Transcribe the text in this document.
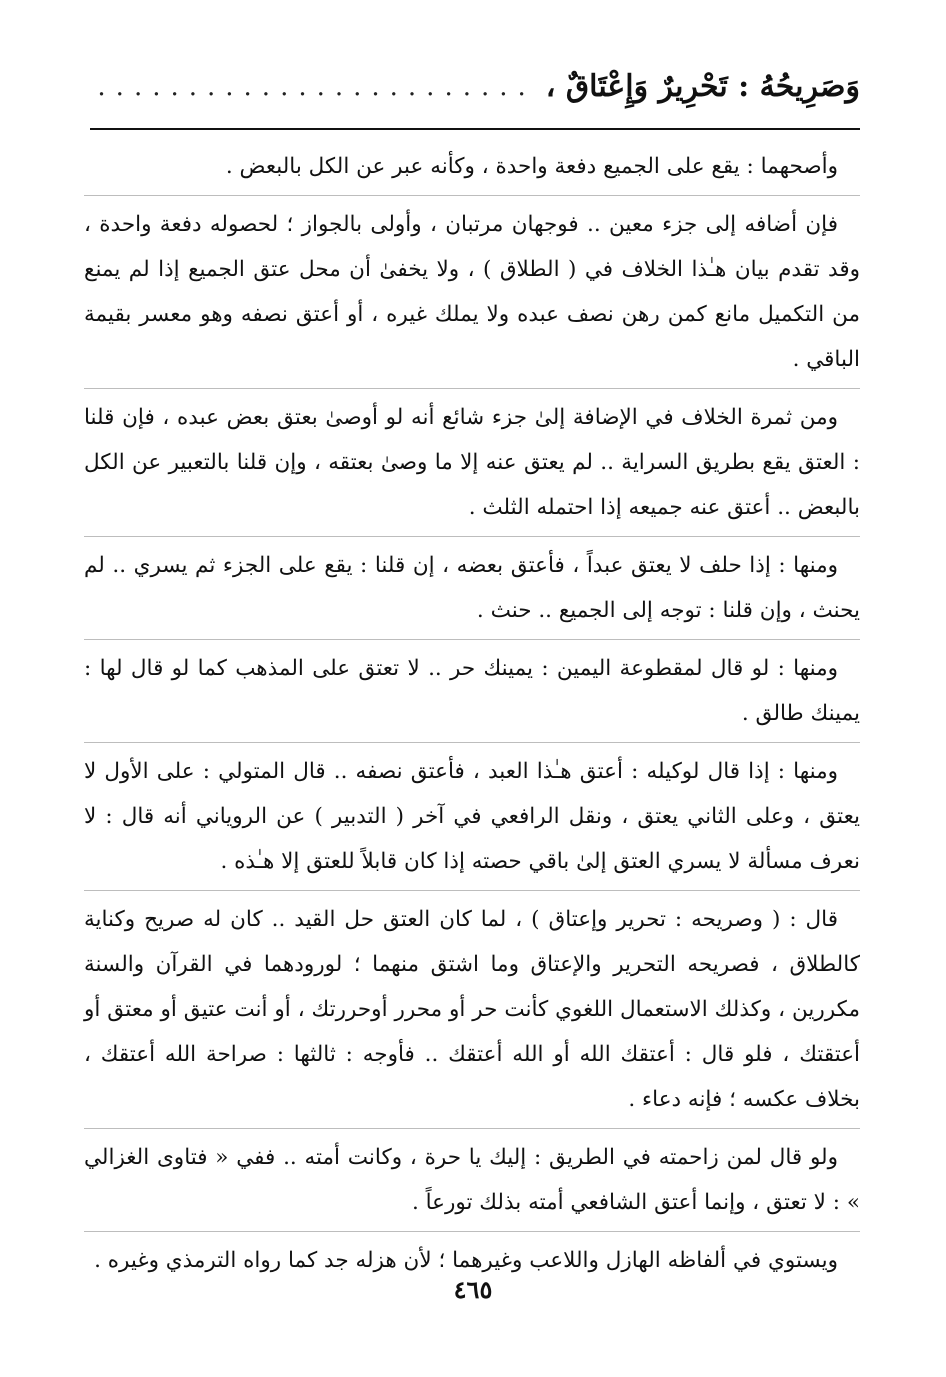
وَصَرِيحُهُ : تَحْرِيرٌ وَإِعْتَاقٌ ،
........................

وأصحهما : يقع على الجميع دفعة واحدة ، وكأنه عبر عن الكل بالبعض .

فإن أضافه إلى جزء معين .. فوجهان مرتبان ، وأولى بالجواز ؛ لحصوله دفعة واحدة ، وقد تقدم بيان هـٰذا الخلاف في ( الطلاق ) ، ولا يخفىٰ أن محل عتق الجميع إذا لم يمنع من التكميل مانع كمن رهن نصف عبده ولا يملك غيره ، أو أعتق نصفه وهو معسر بقيمة الباقي .

ومن ثمرة الخلاف في الإضافة إلىٰ جزء شائع أنه لو أوصىٰ بعتق بعض عبده ، فإن قلنا : العتق يقع بطريق السراية .. لم يعتق عنه إلا ما وصىٰ بعتقه ، وإن قلنا بالتعبير عن الكل بالبعض .. أعتق عنه جميعه إذا احتمله الثلث .

ومنها : إذا حلف لا يعتق عبداً ، فأعتق بعضه ، إن قلنا : يقع على الجزء ثم يسري .. لم يحنث ، وإن قلنا : توجه إلى الجميع .. حنث .

ومنها : لو قال لمقطوعة اليمين : يمينك حر .. لا تعتق على المذهب كما لو قال لها : يمينك طالق .

ومنها : إذا قال لوكيله : أعتق هـٰذا العبد ، فأعتق نصفه .. قال المتولي : على الأول لا يعتق ، وعلى الثاني يعتق ، ونقل الرافعي في آخر ( التدبير ) عن الروياني أنه قال : لا نعرف مسألة لا يسري العتق إلىٰ باقي حصته إذا كان قابلاً للعتق إلا هـٰذه .

قال : ( وصريحه : تحرير وإعتاق ) ، لما كان العتق حل القيد .. كان له صريح وكناية كالطلاق ، فصريحه التحرير والإعتاق وما اشتق منهما ؛ لورودهما في القرآن والسنة مكررين ، وكذلك الاستعمال اللغوي كأنت حر أو محرر أوحررتك ، أو أنت عتيق أو معتق أو أعتقتك ، فلو قال : أعتقك الله أو الله أعتقك .. فأوجه : ثالثها : صراحة الله أعتقك ، بخلاف عكسه ؛ فإنه دعاء .

ولو قال لمن زاحمته في الطريق : إليك يا حرة ، وكانت أمته .. ففي « فتاوى الغزالي » : لا تعتق ، وإنما أعتق الشافعي أمته بذلك تورعاً .

ويستوي في ألفاظه الهازل واللاعب وغيرهما ؛ لأن هزله جد كما رواه الترمذي وغيره .

٤٦٥
